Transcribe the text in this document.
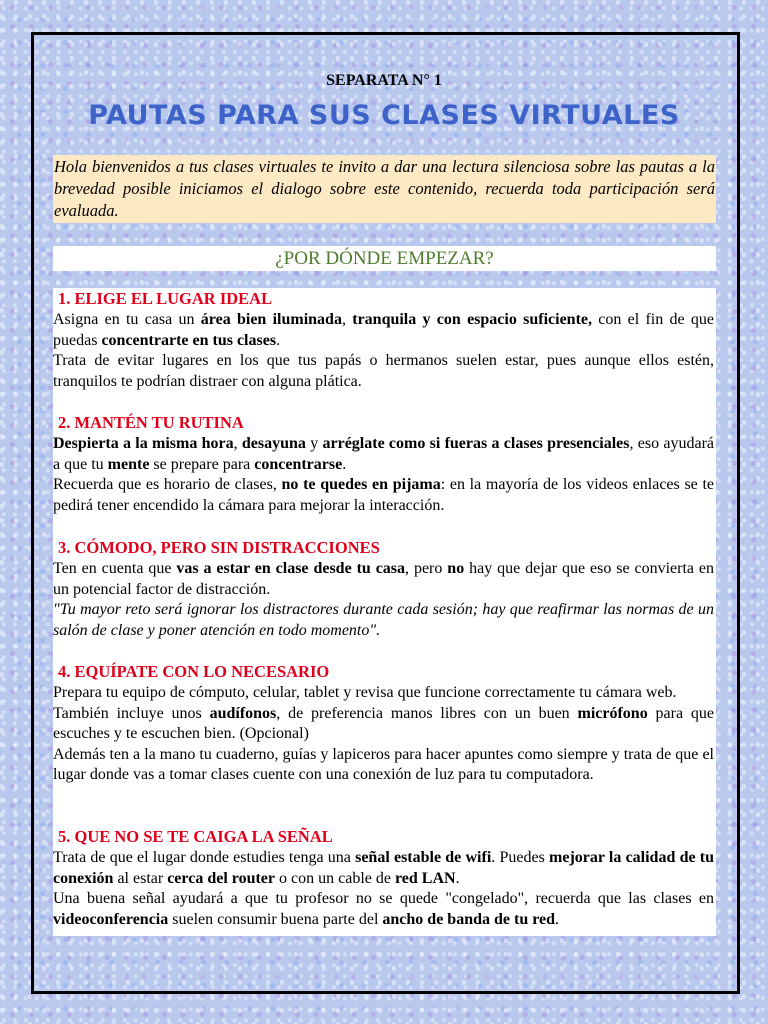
SEPARATA N° 1
PAUTAS PARA SUS CLASES VIRTUALES
Hola bienvenidos a tus clases virtuales te invito a dar una lectura silenciosa sobre las pautas a la brevedad posible iniciamos el dialogo sobre este contenido, recuerda toda participación será evaluada.
¿POR DÓNDE EMPEZAR?
1. ELIGE EL LUGAR IDEAL

Asigna en tu casa un área bien iluminada, tranquila y con espacio suficiente, con el fin de que puedas concentrarte en tus clases.

Trata de evitar lugares en los que tus papás o hermanos suelen estar, pues aunque ellos estén, tranquilos te podrían distraer con alguna plática.

2. MANTÉN TU RUTINA

Despierta a la misma hora, desayuna y arréglate como si fueras a clases presenciales, eso ayudará a que tu mente se prepare para concentrarse.

Recuerda que es horario de clases, no te quedes en pijama: en la mayoría de los videos enlaces se te pedirá tener encendido la cámara para mejorar la interacción.

3. CÓMODO, PERO SIN DISTRACCIONES

Ten en cuenta que vas a estar en clase desde tu casa, pero no hay que dejar que eso se convierta en un potencial factor de distracción.

"Tu mayor reto será ignorar los distractores durante cada sesión; hay que reafirmar las normas de un salón de clase y poner atención en todo momento".

4. EQUÍPATE CON LO NECESARIO

Prepara tu equipo de cómputo, celular, tablet y revisa que funcione correctamente tu cámara web.

También incluye unos audífonos, de preferencia manos libres con un buen micrófono para que escuches y te escuchen bien. (Opcional)

Además ten a la mano tu cuaderno, guías y lapiceros para hacer apuntes como siempre y trata de que el lugar donde vas a tomar clases cuente con una conexión de luz para tu computadora.

5. QUE NO SE TE CAIGA LA SEÑAL

Trata de que el lugar donde estudies tenga una señal estable de wifi. Puedes mejorar la calidad de tu conexión al estar cerca del router o con un cable de red LAN.

Una buena señal ayudará a que tu profesor no se quede "congelado", recuerda que las clases en videoconferencia suelen consumir buena parte del ancho de banda de tu red.
